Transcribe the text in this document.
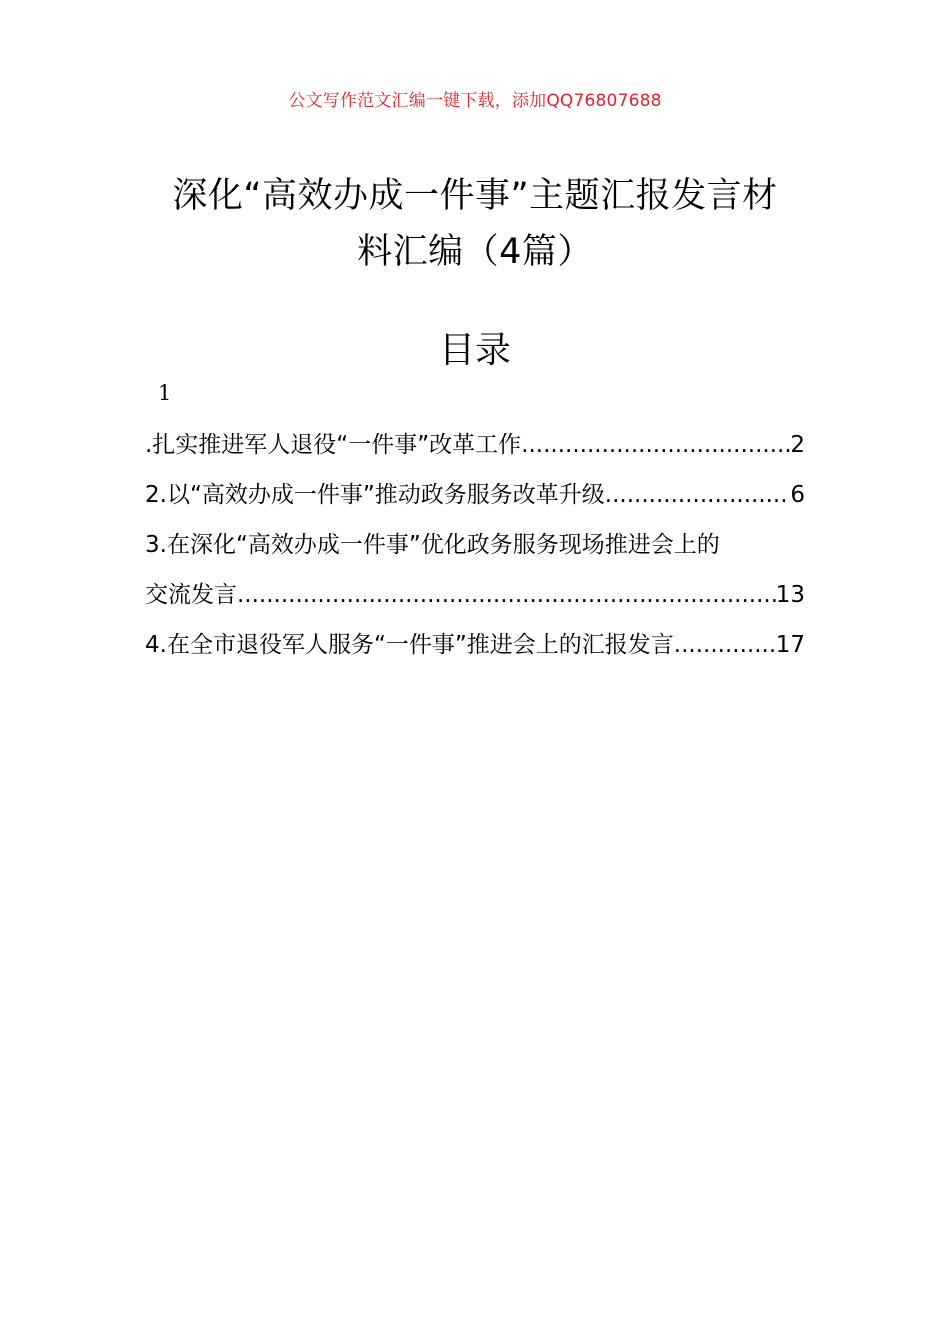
公文写作范文汇编一键下载，添加QQ76807688
深化“高效办成一件事”主题汇报发言材
料汇编（4篇）
目录
1
.扎实推进军人退役“一件事”改革工作 .....	2
2.以“高效办成一件事”推动政务服务改革升级 .....	6
3.在深化“高效办成一件事”优化政务服务现场推进会上的
交流发言 .....	13
4.在全市退役军人服务“一件事”推进会上的汇报发言 .....	17
